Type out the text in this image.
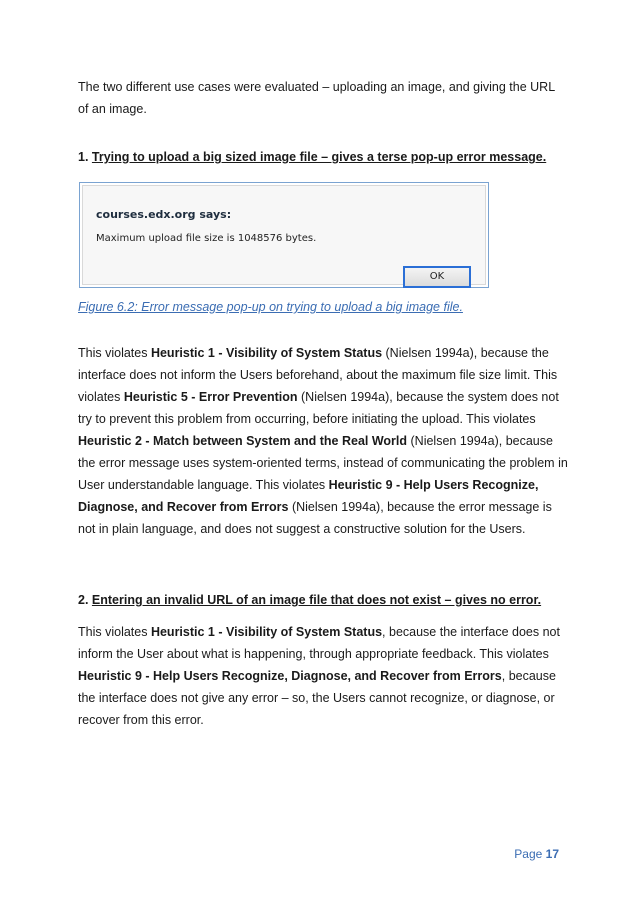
The two different use cases were evaluated – uploading an image, and giving the URL of an image.

1. Trying to upload a big sized image file – gives a terse pop-up error message.

courses.edx.org says:
Maximum upload file size is 1048576 bytes.
OK
Figure 6.2: Error message pop-up on trying to upload a big image file.

This violates Heuristic 1 - Visibility of System Status (Nielsen 1994a), because the interface does not inform the Users beforehand, about the maximum file size limit. This violates Heuristic 5 - Error Prevention (Nielsen 1994a), because the system does not try to prevent this problem from occurring, before initiating the upload. This violates Heuristic 2 - Match between System and the Real World (Nielsen 1994a), because the error message uses system-oriented terms, instead of communicating the problem in User understandable language. This violates Heuristic 9 - Help Users Recognize, Diagnose, and Recover from Errors (Nielsen 1994a), because the error message is not in plain language, and does not suggest a constructive solution for the Users.

2. Entering an invalid URL of an image file that does not exist – gives no error.

This violates Heuristic 1 - Visibility of System Status, because the interface does not inform the User about what is happening, through appropriate feedback. This violates Heuristic 9 - Help Users Recognize, Diagnose, and Recover from Errors, because the interface does not give any error – so, the Users cannot recognize, or diagnose, or recover from this error.

Page 17
